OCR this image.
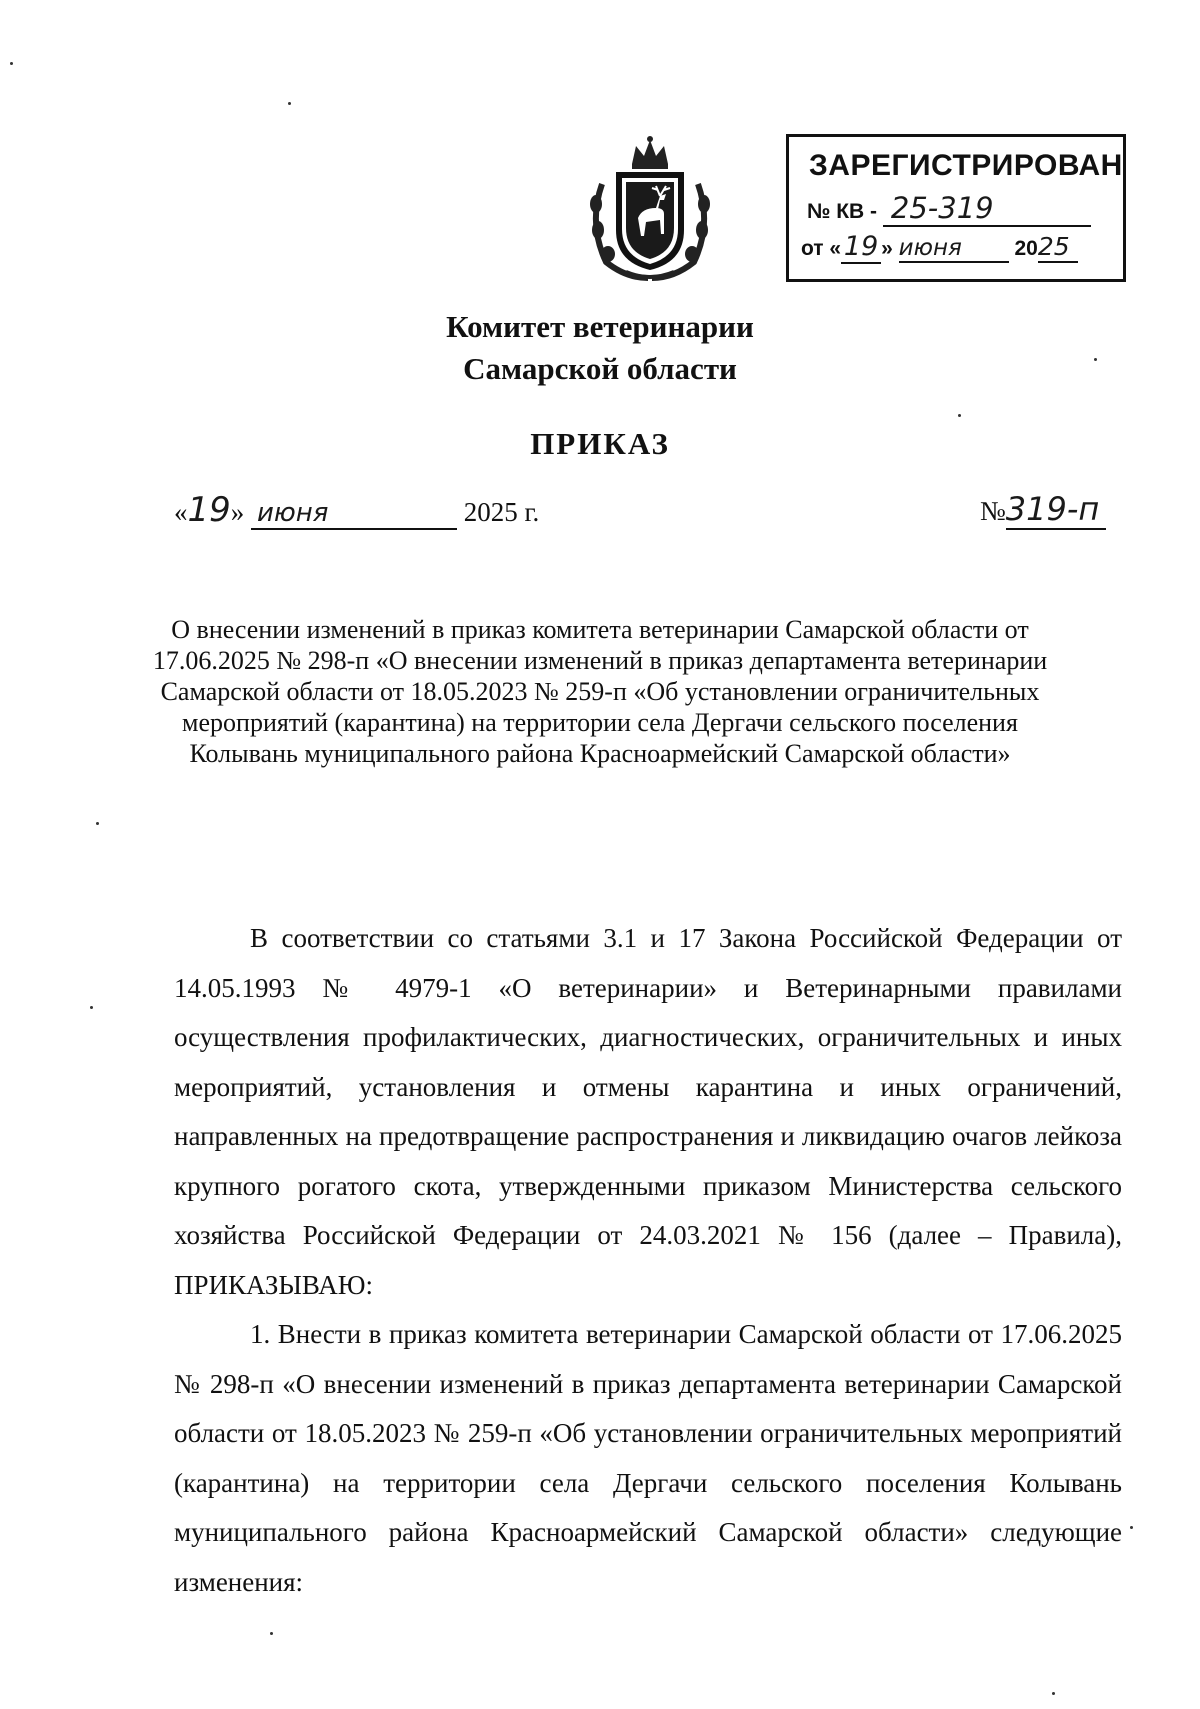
ЗАРЕГИСТРИРОВАН
№ КВ - 25-319
от « 19 » июня	2025
Комитет ветеринарии
Самарской области
ПРИКАЗ
«19» июня	2025 г.	№319-п
О внесении изменений в приказ комитета ветеринарии Самарской области от 17.06.2025 № 298-п «О внесении изменений в приказ департамента ветеринарии Самарской области от 18.05.2023 № 259-п «Об установлении ограничительных мероприятий (карантина) на территории села Дергачи сельского поселения Колывань муниципального района Красноармейский Самарской области»

В соответствии со статьями 3.1 и 17 Закона Российской Федерации от 14.05.1993 № 4979-1 «О ветеринарии» и Ветеринарными правилами осуществления профилактических, диагностических, ограничительных и иных мероприятий, установления и отмены карантина и иных ограничений, направленных на предотвращение распространения и ликвидацию очагов лейкоза крупного рогатого скота, утвержденными приказом Министерства сельского хозяйства Российской Федерации от 24.03.2021 № 156 (далее – Правила), ПРИКАЗЫВАЮ:

1. Внести в приказ комитета ветеринарии Самарской области от 17.06.2025 № 298-п «О внесении изменений в приказ департамента ветеринарии Самарской области от 18.05.2023 № 259-п «Об установлении ограничительных мероприятий (карантина) на территории села Дергачи сельского поселения Колывань муниципального района Красноармейский Самарской области» следующие изменения:
